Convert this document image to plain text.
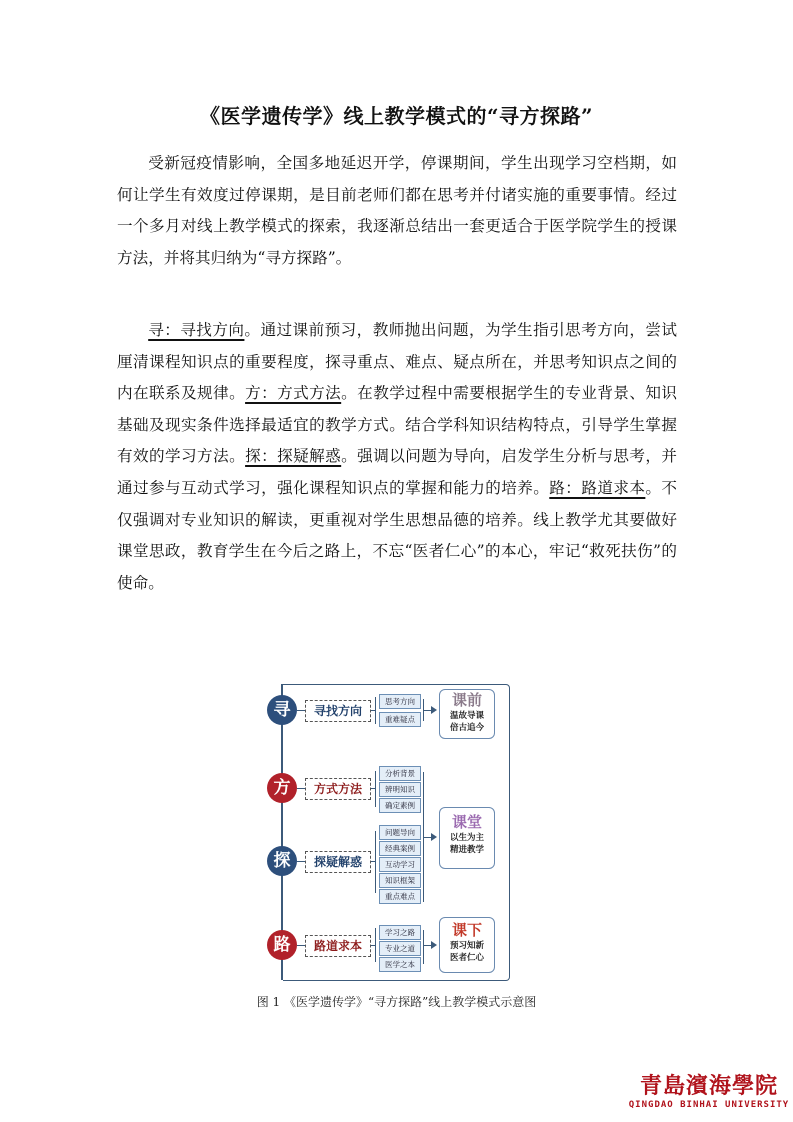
《医学遗传学》线上教学模式的“寻方探路”

受新冠疫情影响，全国多地延迟开学，停课期间，学生出现学习空档期，如何让学生有效度过停课期，是目前老师们都在思考并付诸实施的重要事情。经过一个多月对线上教学模式的探索，我逐渐总结出一套更适合于医学院学生的授课方法，并将其归纳为“寻方探路”。

寻：寻找方向。通过课前预习，教师抛出问题，为学生指引思考方向，尝试厘清课程知识点的重要程度，探寻重点、难点、疑点所在，并思考知识点之间的内在联系及规律。方：方式方法。在教学过程中需要根据学生的专业背景、知识基础及现实条件选择最适宜的教学方式。结合学科知识结构特点，引导学生掌握有效的学习方法。探：探疑解惑。强调以问题为导向，启发学生分析与思考，并通过参与互动式学习，强化课程知识点的掌握和能力的培养。路：路道求本。不仅强调对专业知识的解读，更重视对学生思想品德的培养。线上教学尤其要做好课堂思政，教育学生在今后之路上，不忘“医者仁心”的本心，牢记“救死扶伤”的使命。

寻
方
探
路
寻找方向
方式方法
探疑解惑
路道求本
思考方向
重难疑点
分析背景
辨明知识
确定素例
问题导向
经典案例
互动学习
知识框架
重点难点
学习之路
专业之道
医学之本
课前
温故导课
倍古追今
课堂
以生为主
精进教学
课下
预习知新
医者仁心
图 1 《医学遗传学》“寻方探路”线上教学模式示意图
青島濱海學院
QINGDAO BINHAI UNIVERSITY
